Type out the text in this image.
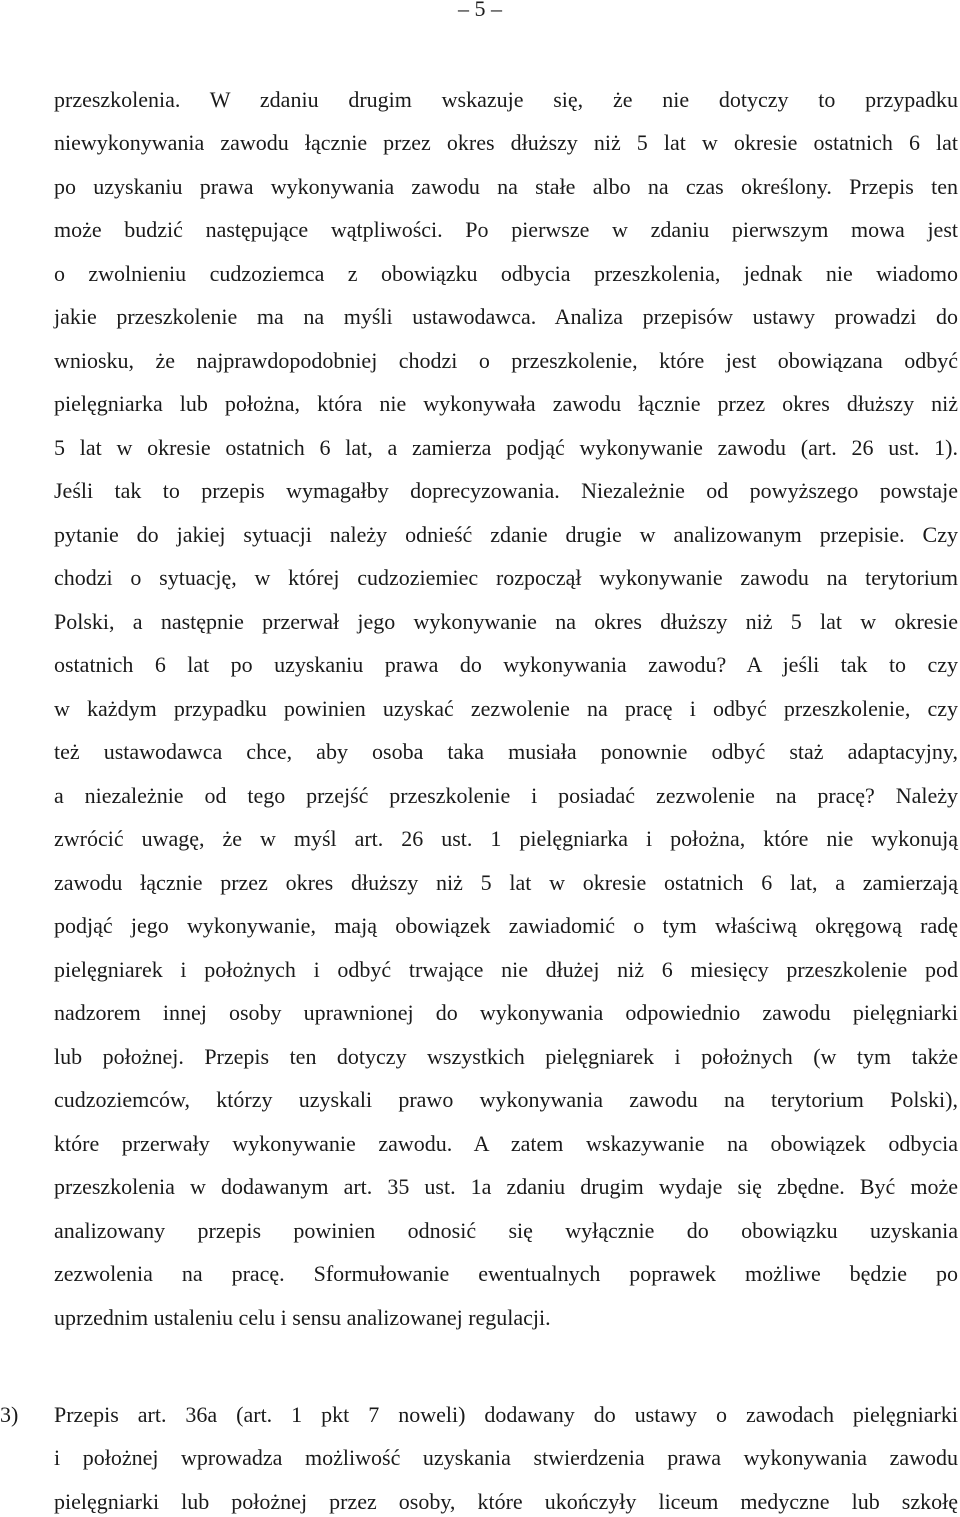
– 5 –
przeszkolenia. W zdaniu drugim wskazuje się, że nie dotyczy to przypadku
niewykonywania zawodu łącznie przez okres dłuższy niż 5 lat w okresie ostatnich 6 lat
po uzyskaniu prawa wykonywania zawodu na stałe albo na czas określony. Przepis ten
może budzić następujące wątpliwości. Po pierwsze w zdaniu pierwszym mowa jest
o zwolnieniu cudzoziemca z obowiązku odbycia przeszkolenia, jednak nie wiadomo
jakie przeszkolenie ma na myśli ustawodawca. Analiza przepisów ustawy prowadzi do
wniosku, że najprawdopodobniej chodzi o przeszkolenie, które jest obowiązana odbyć
pielęgniarka lub położna, która nie wykonywała zawodu łącznie przez okres dłuższy niż
5 lat w okresie ostatnich 6 lat, a zamierza podjąć wykonywanie zawodu (art. 26 ust. 1).
Jeśli tak to przepis wymagałby doprecyzowania. Niezależnie od powyższego powstaje
pytanie do jakiej sytuacji należy odnieść zdanie drugie w analizowanym przepisie. Czy
chodzi o sytuację, w której cudzoziemiec rozpoczął wykonywanie zawodu na terytorium
Polski, a następnie przerwał jego wykonywanie na okres dłuższy niż 5 lat w okresie
ostatnich 6 lat po uzyskaniu prawa do wykonywania zawodu? A jeśli tak to czy
w każdym przypadku powinien uzyskać zezwolenie na pracę i odbyć przeszkolenie, czy
też ustawodawca chce, aby osoba taka musiała ponownie odbyć staż adaptacyjny,
a niezależnie od tego przejść przeszkolenie i posiadać zezwolenie na pracę? Należy
zwrócić uwagę, że w myśl art. 26 ust. 1 pielęgniarka i położna, które nie wykonują
zawodu łącznie przez okres dłuższy niż 5 lat w okresie ostatnich 6 lat, a zamierzają
podjąć jego wykonywanie, mają obowiązek zawiadomić o tym właściwą okręgową radę
pielęgniarek i położnych i odbyć trwające nie dłużej niż 6 miesięcy przeszkolenie pod
nadzorem innej osoby uprawnionej do wykonywania odpowiednio zawodu pielęgniarki
lub położnej. Przepis ten dotyczy wszystkich pielęgniarek i położnych (w tym także
cudzoziemców, którzy uzyskali prawo wykonywania zawodu na terytorium Polski),
które przerwały wykonywanie zawodu. A zatem wskazywanie na obowiązek odbycia
przeszkolenia w dodawanym art. 35 ust. 1a zdaniu drugim wydaje się zbędne. Być może
analizowany przepis powinien odnosić się wyłącznie do obowiązku uzyskania
zezwolenia na pracę. Sformułowanie ewentualnych poprawek możliwe będzie po
uprzednim ustaleniu celu i sensu analizowanej regulacji.
3) Przepis art. 36a (art. 1 pkt 7 noweli) dodawany do ustawy o zawodach pielęgniarki
i położnej wprowadza możliwość uzyskania stwierdzenia prawa wykonywania zawodu
pielęgniarki lub położnej przez osoby, które ukończyły liceum medyczne lub szkołę
